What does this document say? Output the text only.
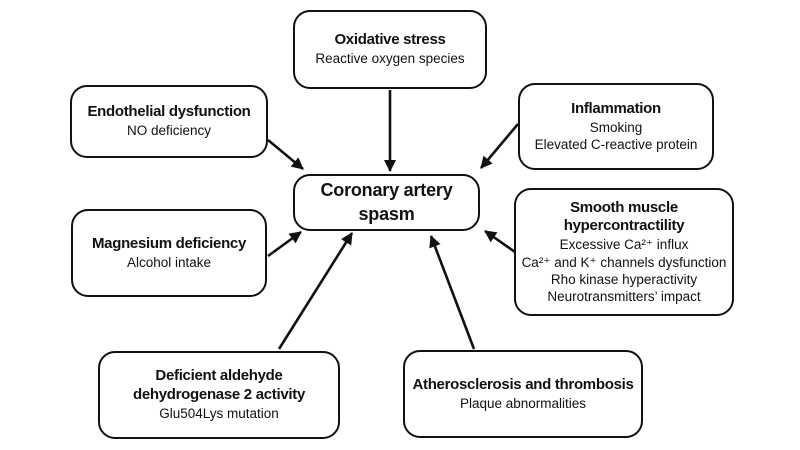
Oxidative stress
Reactive oxygen species
Endothelial dysfunction
NO deficiency
Inflammation
Smoking
Elevated C-reactive protein
Coronary artery
spasm
Magnesium deficiency
Alcohol intake
Smooth muscle
hypercontractility
Excessive Ca²⁺ influx
Ca²⁺ and K⁺ channels dysfunction
Rho kinase hyperactivity
Neurotransmitters’ impact
Deficient aldehyde
dehydrogenase 2 activity
Glu504Lys mutation
Atherosclerosis and thrombosis
Plaque abnormalities
